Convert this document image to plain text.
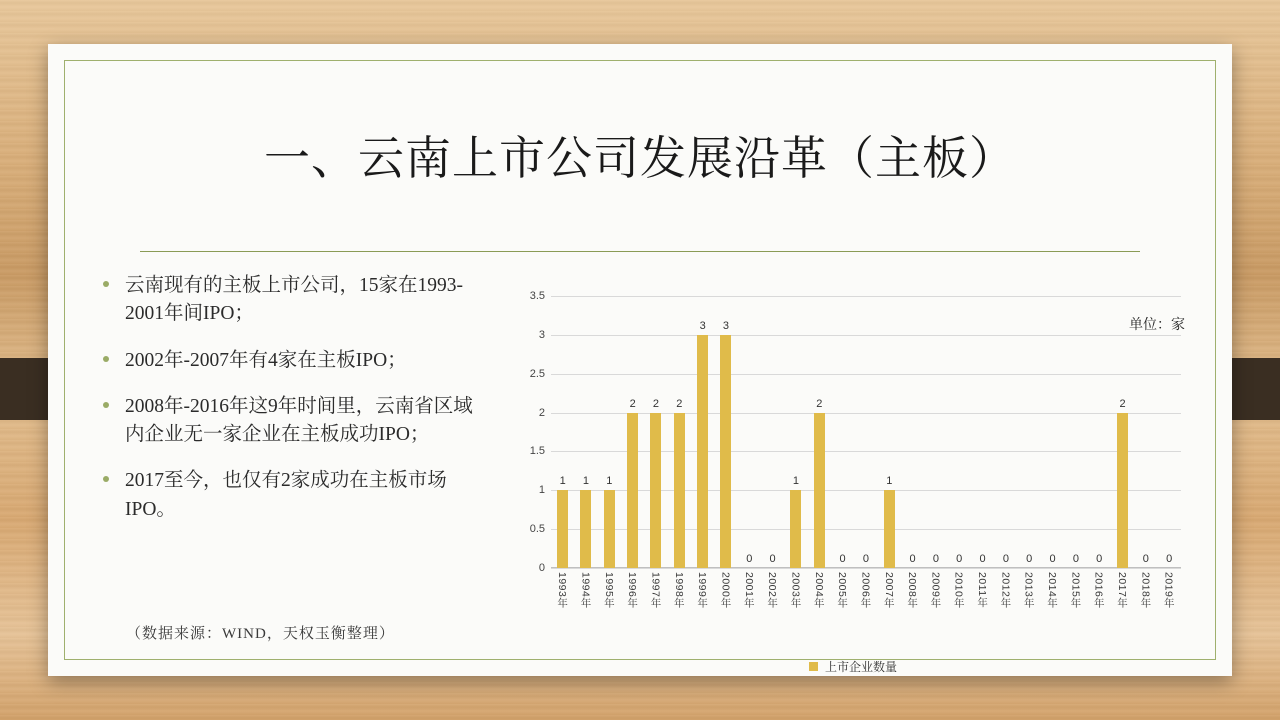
一、云南上市公司发展沿革（主板）
云南现有的主板上市公司，15家在1993-2001年间IPO；
2002年-2007年有4家在主板IPO；
2008年-2016年这9年时间里，云南省区域内企业无一家企业在主板成功IPO；
2017至今，也仅有2家成功在主板市场IPO。
（数据来源：WIND，天权玉衡整理）
单位：家
0
0.5
1
1.5
2
2.5
3
3.5
1	1	1
2	2	2
3	3
0	0
1
2
0	0
1
0	0	0	0	0	0	0	0	0
2
0	0
1993年 1994年 1995年 1996年 1997年 1998年 1999年 2000年 2001年 2002年 2003年 2004年 2005年 2006年 2007年 2008年 2009年 2010年 2011年 2012年 2013年 2014年 2015年 2016年 2017年 2018年 2019年
上市企业数量
